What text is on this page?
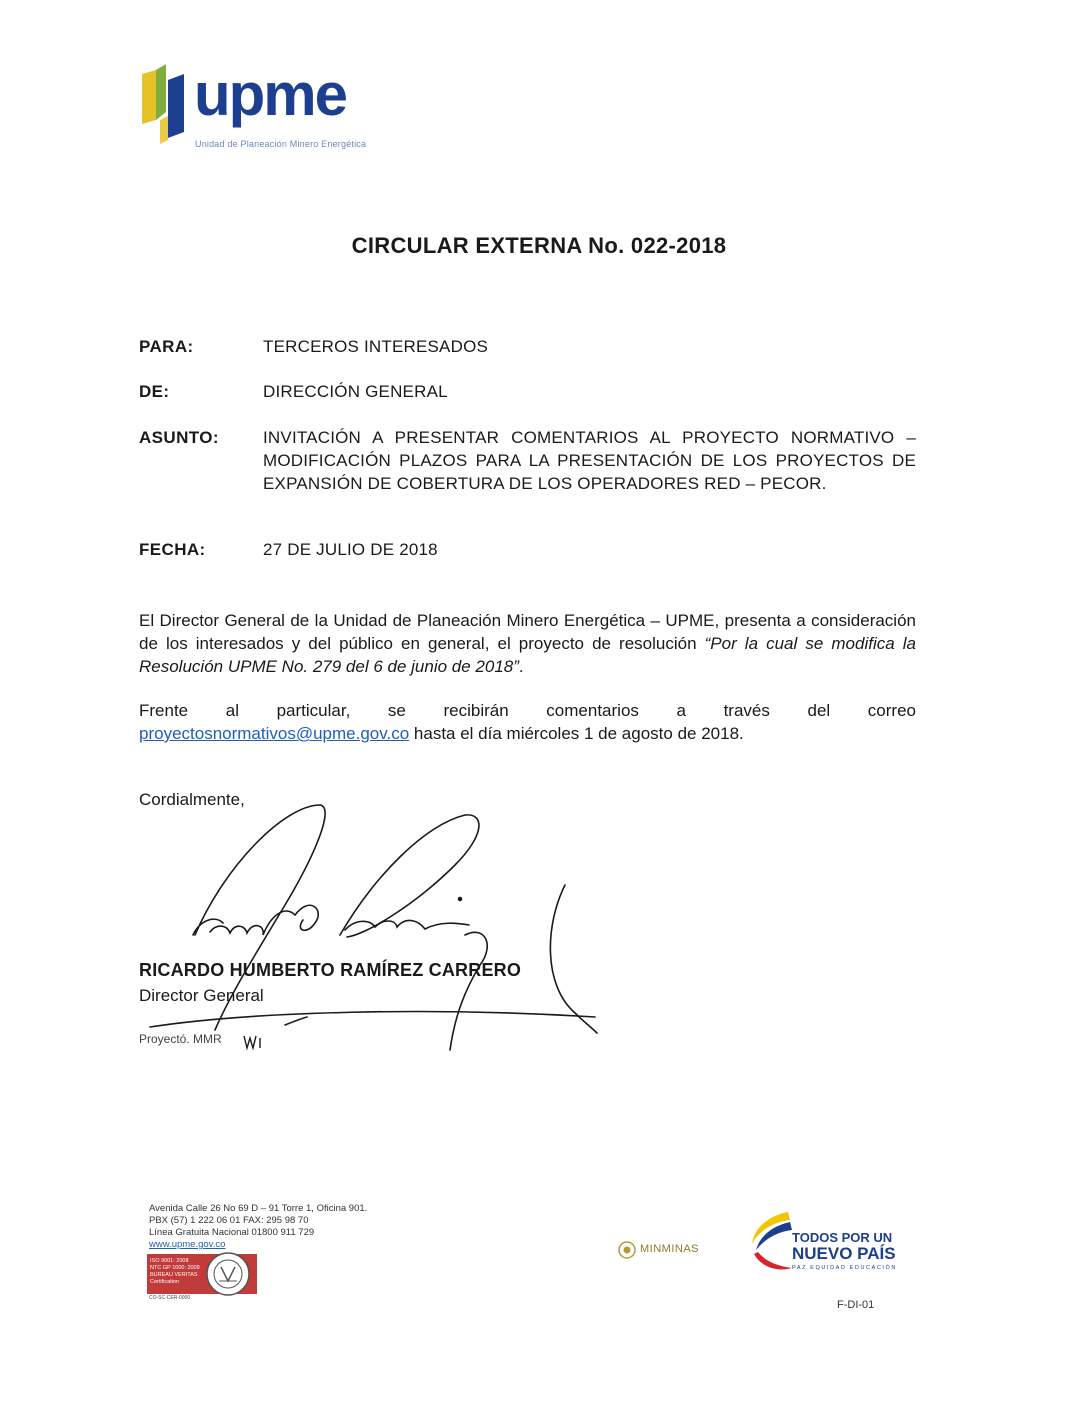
upme
Unidad de Planeación Minero Energética
CIRCULAR EXTERNA No. 022-2018
PARA:	TERCEROS INTERESADOS
DE:	DIRECCIÓN GENERAL
ASUNTO:	INVITACIÓN A PRESENTAR COMENTARIOS AL PROYECTO NORMATIVO – MODIFICACIÓN PLAZOS PARA LA PRESENTACIÓN DE LOS PROYECTOS DE EXPANSIÓN DE COBERTURA DE LOS OPERADORES RED – PECOR.
FECHA:	27 DE JULIO DE 2018
El Director General de la Unidad de Planeación Minero Energética – UPME, presenta a consideración de los interesados y del público en general, el proyecto de resolución “Por la cual se modifica la Resolución UPME No. 279 del 6 de junio de 2018”.
Frente al particular, se recibirán comentarios a través del correo
proyectosnormativos@upme.gov.co hasta el día miércoles 1 de agosto de 2018.
Cordialmente,
RICARDO HUMBERTO RAMÍREZ CARRERO
Director General
Proyectó. MMR
Avenida Calle 26 No 69 D – 91 Torre 1, Oficina 901.
PBX (57) 1 222 06 01 FAX: 295 98 70
Línea Gratuita Nacional 01800 911 729
www.upme.gov.co
ISO 9001: 2008
NTC GP 1000: 2009
BUREAU VERITAS
Certification
CO-SC-CER-0000
MINMINAS
TODOS POR UN
NUEVO PAÍS
PAZ EQUIDAD EDUCACIÓN
F-DI-01
